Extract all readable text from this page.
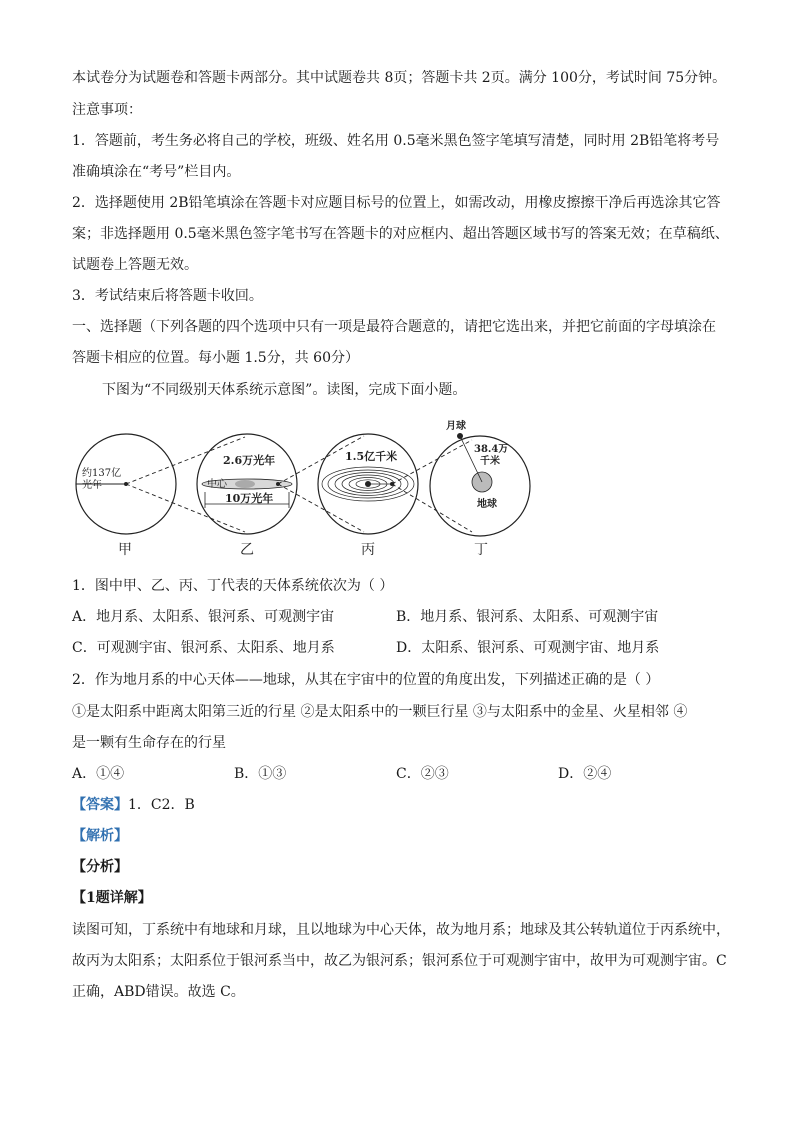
本试卷分为试题卷和答题卡两部分。其中试题卷共 8页；答题卡共 2页。满分 100分，考试时间 75分钟。
注意事项：
1．答题前，考生务必将自己的学校，班级、姓名用 0.5毫米黑色签字笔填写清楚，同时用 2B铅笔将考号
准确填涂在“考号”栏目内。
2．选择题使用 2B铅笔填涂在答题卡对应题目标号的位置上，如需改动，用橡皮擦擦干净后再选涂其它答
案；非选择题用 0.5毫米黑色签字笔书写在答题卡的对应框内、超出答题区域书写的答案无效；在草稿纸、
试题卷上答题无效。
3．考试结束后将答题卡收回。
一、选择题（下列各题的四个选项中只有一项是最符合题意的，请把它选出来，并把它前面的字母填涂在
答题卡相应的位置。每小题 1.5分，共 60分）
下图为“不同级别天体系统示意图”。读图，完成下面小题。
约137亿
光年
2.6万光年
中心
10万光年
1.5亿千米
月球
38.4万
千米
地球
甲	乙	丙	丁
1．图中甲、乙、丙、丁代表的天体系统依次为（ ）
A．地月系、太阳系、银河系、可观测宇宙	B．地月系、银河系、太阳系、可观测宇宙
C．可观测宇宙、银河系、太阳系、地月系	D．太阳系、银河系、可观测宇宙、地月系
2．作为地月系的中心天体——地球，从其在宇宙中的位置的角度出发，下列描述正确的是（ ）
①是太阳系中距离太阳第三近的行星 ②是太阳系中的一颗巨行星 ③与太阳系中的金星、火星相邻 ④
是一颗有生命存在的行星
A．①④	B．①③	C．②③	D．②④
【答案】1．C2．B
【解析】
【分析】
【1题详解】
读图可知，丁系统中有地球和月球，且以地球为中心天体，故为地月系；地球及其公转轨道位于丙系统中，
故丙为太阳系；太阳系位于银河系当中，故乙为银河系；银河系位于可观测宇宙中，故甲为可观测宇宙。C
正确，ABD错误。故选 C。
